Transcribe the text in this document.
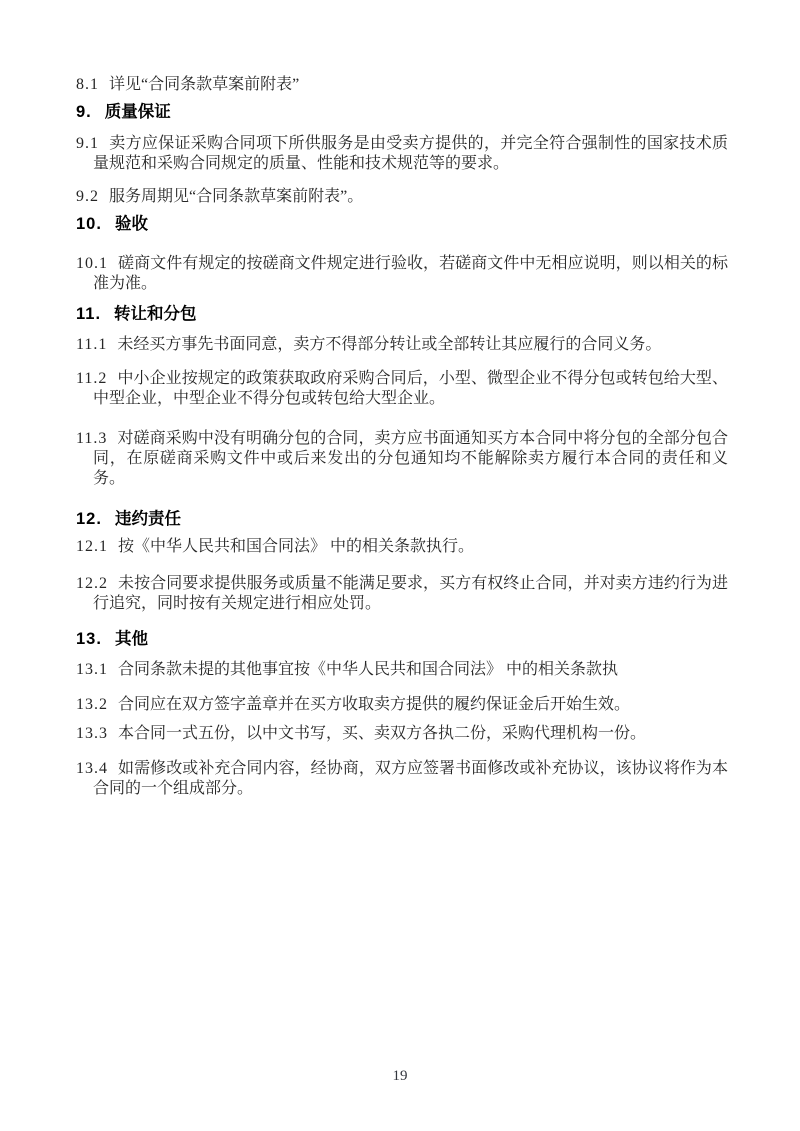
8.1 详见“合同条款草案前附表”

9. 质量保证

9.1 卖方应保证采购合同项下所供服务是由受卖方提供的，并完全符合强制性的国家技术质量规范和采购合同规定的质量、性能和技术规范等的要求。

9.2 服务周期见“合同条款草案前附表”。

10. 验收

10.1 磋商文件有规定的按磋商文件规定进行验收，若磋商文件中无相应说明，则以相关的标准为准。

11. 转让和分包

11.1 未经买方事先书面同意，卖方不得部分转让或全部转让其应履行的合同义务。

11.2 中小企业按规定的政策获取政府采购合同后，小型、微型企业不得分包或转包给大型、中型企业，中型企业不得分包或转包给大型企业。

11.3 对磋商采购中没有明确分包的合同，卖方应书面通知买方本合同中将分包的全部分包合同，在原磋商采购文件中或后来发出的分包通知均不能解除卖方履行本合同的责任和义务。

12. 违约责任

12.1 按《中华人民共和国合同法》 中的相关条款执行。

12.2 未按合同要求提供服务或质量不能满足要求，买方有权终止合同，并对卖方违约行为进行追究，同时按有关规定进行相应处罚。

13. 其他

13.1 合同条款未提的其他事宜按《中华人民共和国合同法》 中的相关条款执

13.2 合同应在双方签字盖章并在买方收取卖方提供的履约保证金后开始生效。

13.3 本合同一式五份，以中文书写，买、卖双方各执二份，采购代理机构一份。

13.4 如需修改或补充合同内容，经协商，双方应签署书面修改或补充协议，该协议将作为本合同的一个组成部分。

19
